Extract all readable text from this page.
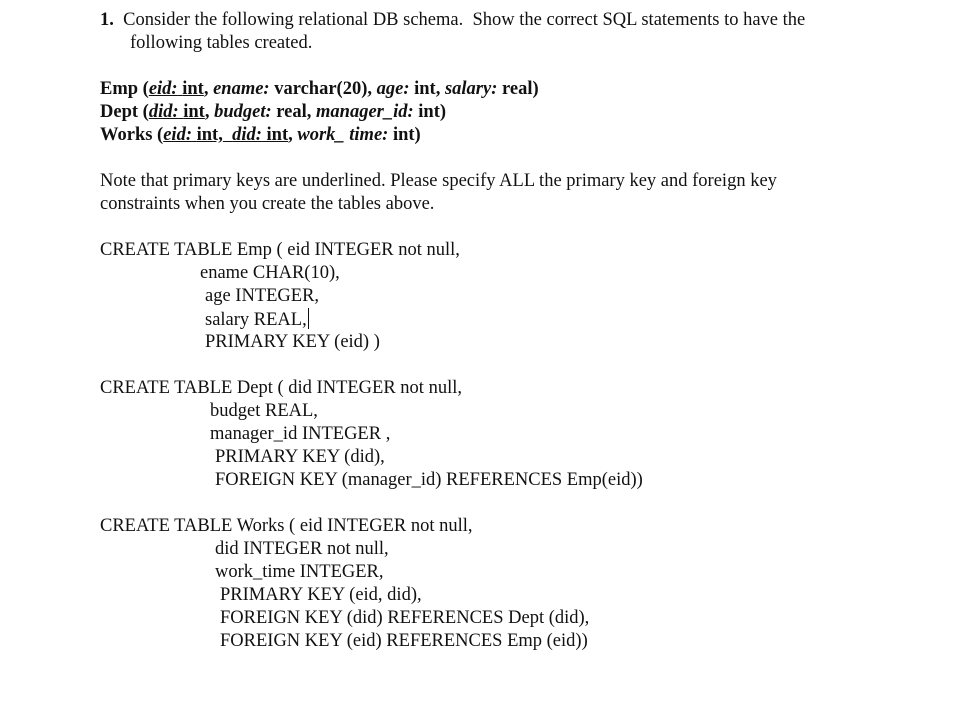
1. Consider the following relational DB schema.  Show the correct SQL statements to have the
following tables created.
Emp (eid: int, ename: varchar(20), age: int, salary: real)
Dept (did: int, budget: real, manager_id: int)
Works (eid: int, did: int, work_ time: int)
Note that primary keys are underlined. Please specify ALL the primary key and foreign key
constraints when you create the tables above.
CREATE TABLE Emp ( eid INTEGER not null,
ename CHAR(10),
age INTEGER,
salary REAL,
PRIMARY KEY (eid) )
CREATE TABLE Dept ( did INTEGER not null,
budget REAL,
manager_id INTEGER ,
PRIMARY KEY (did),
FOREIGN KEY (manager_id) REFERENCES Emp(eid))
CREATE TABLE Works ( eid INTEGER not null,
did INTEGER not null,
work_time INTEGER,
PRIMARY KEY (eid, did),
FOREIGN KEY (did) REFERENCES Dept (did),
FOREIGN KEY (eid) REFERENCES Emp (eid))
